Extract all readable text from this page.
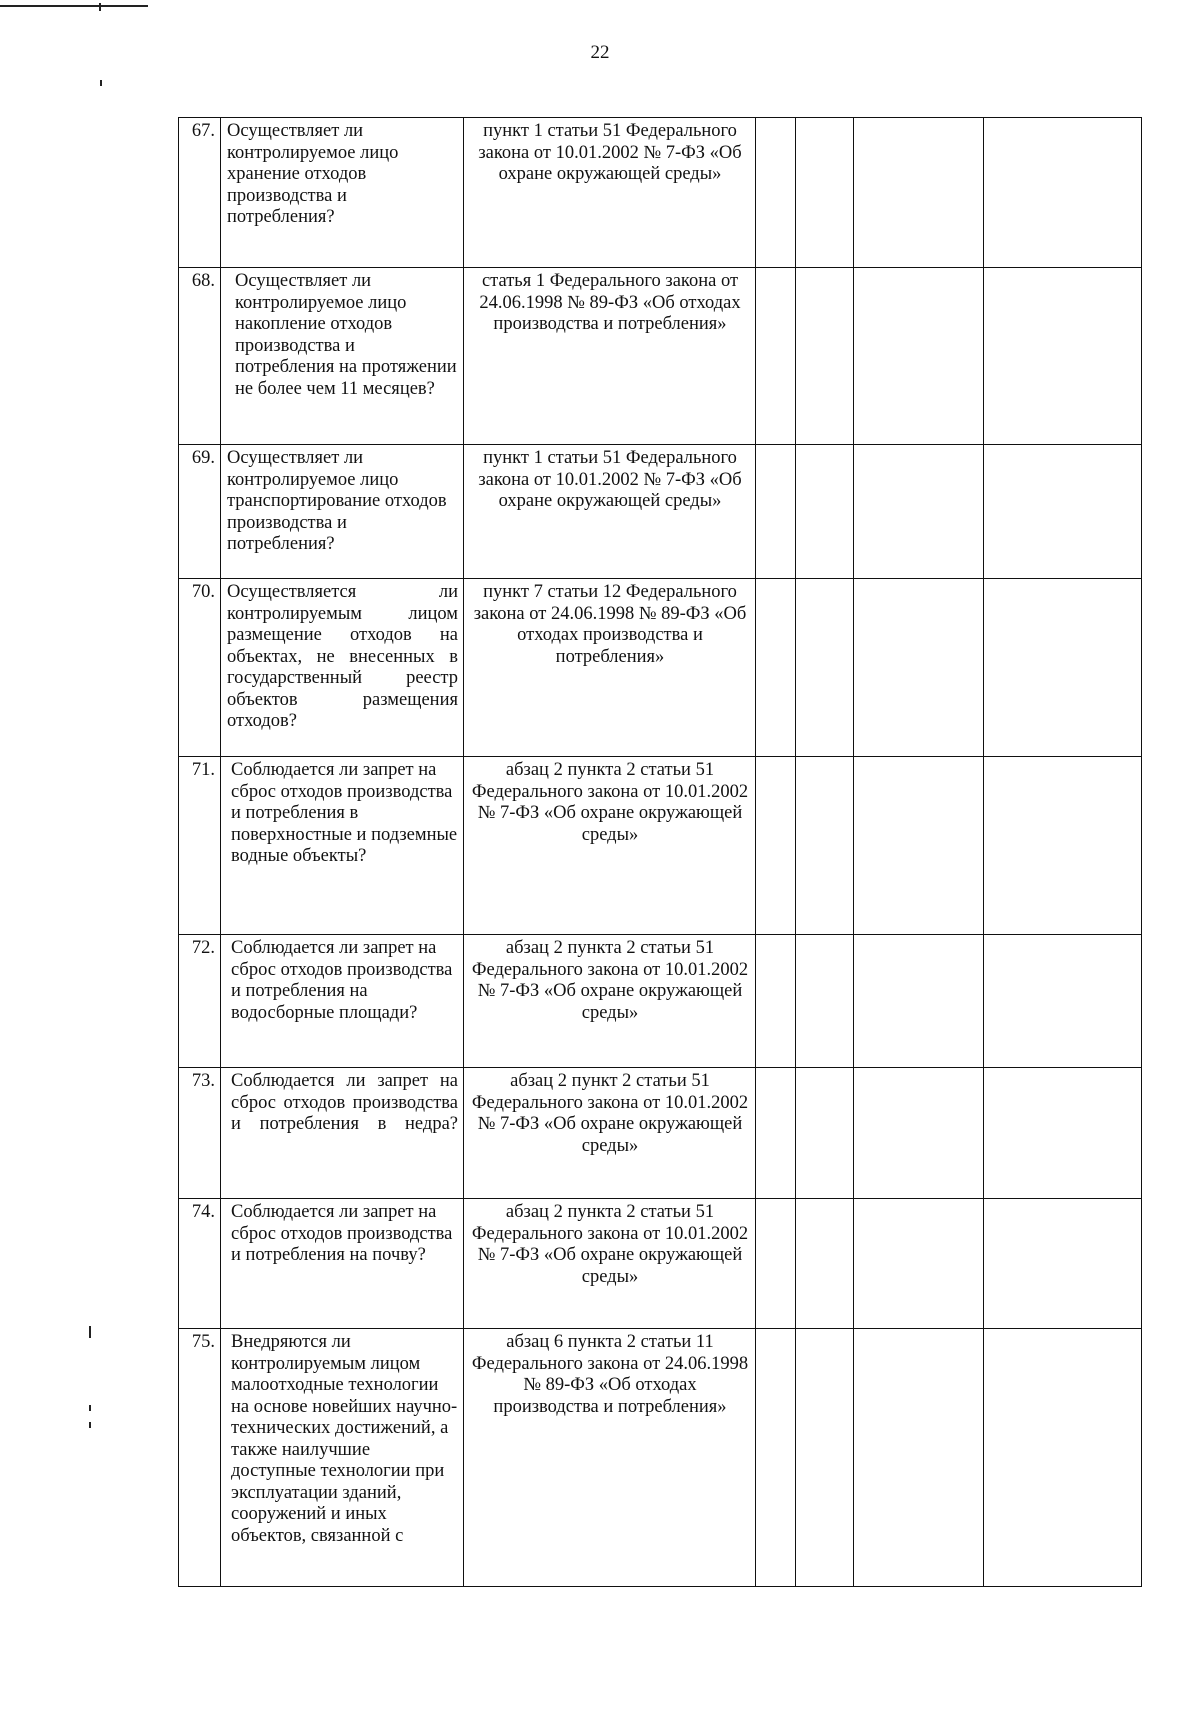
22
67.	Осуществляет ли контролируемое лицо хранение отходов производства и потребления?	пункт 1 статьи 51 Федерального закона от 10.01.2002 № 7-ФЗ «Об охране окружающей среды»				
68.	Осуществляет ли контролируемое лицо накопление отходов производства и потребления на протяжении не более чем 11 месяцев?	статья 1 Федерального закона от 24.06.1998 № 89-ФЗ «Об отходах производства и потребления»				
69.	Осуществляет ли контролируемое лицо транспортирование отходов производства и потребления?	пункт 1 статьи 51 Федерального закона от 10.01.2002 № 7-ФЗ «Об охране окружающей среды»				
70.	Осуществляется ли контролируемым лицом размещение отходов на объектах, не внесенных в государственный реестр объектов размещения отходов?	пункт 7 статьи 12 Федерального закона от 24.06.1998 № 89-ФЗ «Об отходах производства и потребления»				
71.	Соблюдается ли запрет на сброс отходов производства и потребления в поверхностные и подземные водные объекты?	абзац 2 пункта 2 статьи 51 Федерального закона от 10.01.2002 № 7-ФЗ «Об охране окружающей среды»				
72.	Соблюдается ли запрет на сброс отходов производства и потребления на водосборные площади?	абзац 2 пункта 2 статьи 51 Федерального закона от 10.01.2002 № 7-ФЗ «Об охране окружающей среды»				
73.	Соблюдается ли запрет на сброс отходов производства и потребления в недра?	абзац 2 пункт 2 статьи 51 Федерального закона от 10.01.2002 № 7-ФЗ «Об охране окружающей среды»				
74.	Соблюдается ли запрет на сброс отходов производства и потребления на почву?	абзац 2 пункта 2 статьи 51 Федерального закона от 10.01.2002 № 7-ФЗ «Об охране окружающей среды»				
75.	Внедряются ли контролируемым лицом малоотходные технологии на основе новейших научно-технических достижений, а также наилучшие доступные технологии при эксплуатации зданий, сооружений и иных объектов, связанной с	абзац 6 пункта 2 статьи 11 Федерального закона от 24.06.1998 № 89-ФЗ «Об отходах производства и потребления»				
